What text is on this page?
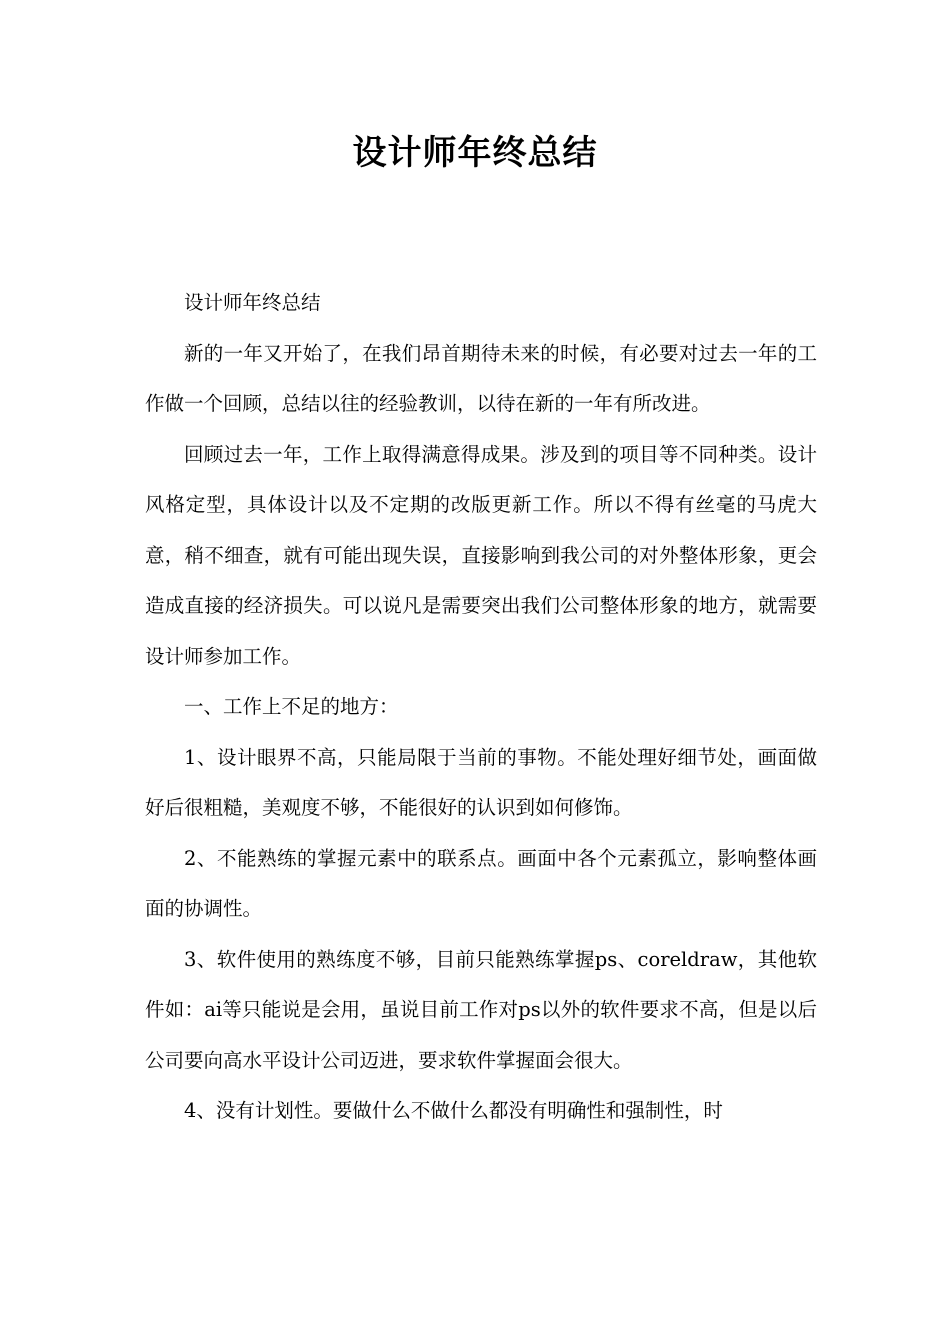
设计师年终总结

设计师年终总结

新的一年又开始了，在我们昂首期待未来的时候，有必要对过去一年的工作做一个回顾，总结以往的经验教训，以待在新的一年有所改进。

回顾过去一年，工作上取得满意得成果。涉及到的项目等不同种类。设计风格定型，具体设计以及不定期的改版更新工作。所以不得有丝毫的马虎大意，稍不细查，就有可能出现失误，直接影响到我公司的对外整体形象，更会造成直接的经济损失。可以说凡是需要突出我们公司整体形象的地方，就需要设计师参加工作。

一、工作上不足的地方：

1、设计眼界不高，只能局限于当前的事物。不能处理好细节处，画面做好后很粗糙，美观度不够，不能很好的认识到如何修饰。

2、不能熟练的掌握元素中的联系点。画面中各个元素孤立，影响整体画面的协调性。

3、软件使用的熟练度不够，目前只能熟练掌握ps、coreldraw，其他软件如：ai等只能说是会用，虽说目前工作对ps以外的软件要求不高，但是以后公司要向高水平设计公司迈进，要求软件掌握面会很大。

4、没有计划性。要做什么不做什么都没有明确性和强制性，时
